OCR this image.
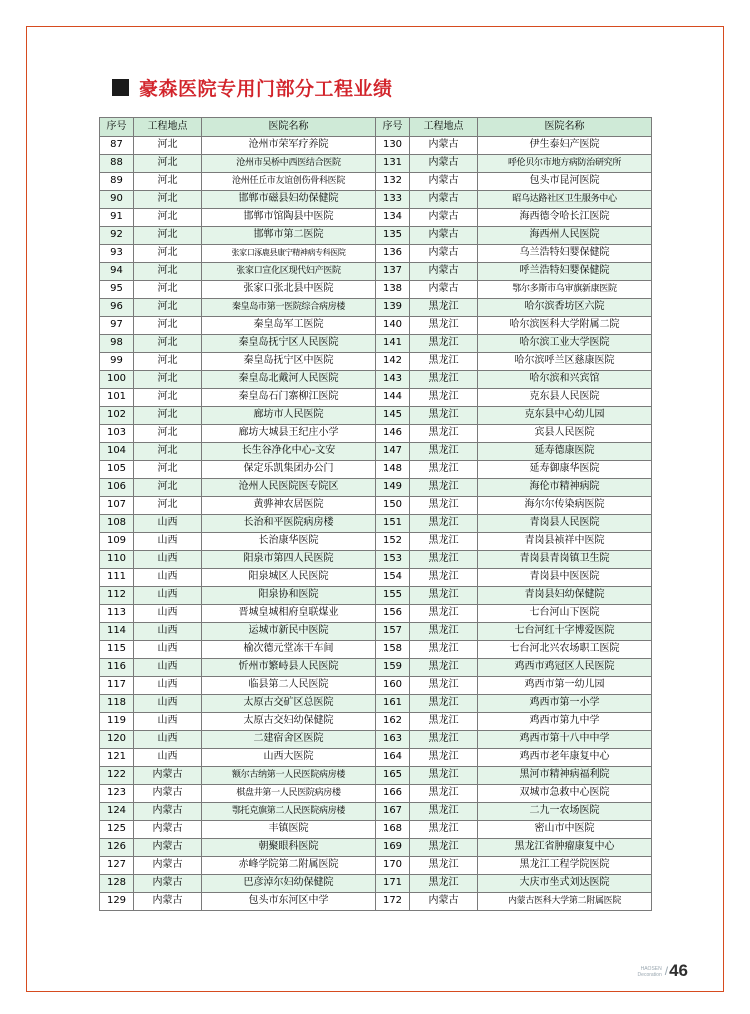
豪森医院专用门部分工程业绩
序号	工程地点	医院名称	序号	工程地点	医院名称
87	河北	沧州市荣军疗养院	130	内蒙古	伊生泰妇产医院
88	河北	沧州市吴桥中西医结合医院	131	内蒙古	呼伦贝尔市地方病防治研究所
89	河北	沧州任丘市友谊创伤骨科医院	132	内蒙古	包头市昆河医院
90	河北	邯郸市磁县妇幼保健院	133	内蒙古	昭乌达路社区卫生服务中心
91	河北	邯郸市馆陶县中医院	134	内蒙古	海西德令哈长江医院
92	河北	邯郸市第二医院	135	内蒙古	海西州人民医院
93	河北	张家口涿鹿县康宁精神病专科医院	136	内蒙古	乌兰浩特妇婴保健院
94	河北	张家口宣化区现代妇产医院	137	内蒙古	呼兰浩特妇婴保健院
95	河北	张家口张北县中医院	138	内蒙古	鄂尔多斯市乌审旗新康医院
96	河北	秦皇岛市第一医院综合病房楼	139	黑龙江	哈尔滨香坊区六院
97	河北	秦皇岛军工医院	140	黑龙江	哈尔滨医科大学附属二院
98	河北	秦皇岛抚宁区人民医院	141	黑龙江	哈尔滨工业大学医院
99	河北	秦皇岛抚宁区中医院	142	黑龙江	哈尔滨呼兰区慈康医院
100	河北	秦皇岛北戴河人民医院	143	黑龙江	哈尔滨和兴宾馆
101	河北	秦皇岛石门寨柳江医院	144	黑龙江	克东县人民医院
102	河北	廊坊市人民医院	145	黑龙江	克东县中心幼儿园
103	河北	廊坊大城县王纪庄小学	146	黑龙江	宾县人民医院
104	河北	长生谷净化中心-文安	147	黑龙江	延寿德康医院
105	河北	保定乐凯集团办公门	148	黑龙江	延寿御康华医院
106	河北	沧州人民医院医专院区	149	黑龙江	海伦市精神病院
107	河北	黄骅神农居医院	150	黑龙江	海尔尔传染病医院
108	山西	长治和平医院病房楼	151	黑龙江	青岗县人民医院
109	山西	长治康华医院	152	黑龙江	青岗县祯祥中医院
110	山西	阳泉市第四人民医院	153	黑龙江	青岗县青岗镇卫生院
111	山西	阳泉城区人民医院	154	黑龙江	青岗县中医医院
112	山西	阳泉协和医院	155	黑龙江	青岗县妇幼保健院
113	山西	晋城皇城相府皇联煤业	156	黑龙江	七台河山下医院
114	山西	运城市新民中医院	157	黑龙江	七台河红十字博爱医院
115	山西	榆次德元堂冻干车间	158	黑龙江	七台河北兴农场职工医院
116	山西	忻州市繁峙县人民医院	159	黑龙江	鸡西市鸡冠区人民医院
117	山西	临县第二人民医院	160	黑龙江	鸡西市第一幼儿园
118	山西	太原古交矿区总医院	161	黑龙江	鸡西市第一小学
119	山西	太原古交妇幼保健院	162	黑龙江	鸡西市第九中学
120	山西	二建宿舍区医院	163	黑龙江	鸡西市第十八中中学
121	山西	山西大医院	164	黑龙江	鸡西市老年康复中心
122	内蒙古	额尔古纳第一人民医院病房楼	165	黑龙江	黑河市精神病福利院
123	内蒙古	棋盘井第一人民医院病房楼	166	黑龙江	双城市急救中心医院
124	内蒙古	鄂托克旗第二人民医院病房楼	167	黑龙江	二九一农场医院
125	内蒙古	丰镇医院	168	黑龙江	密山市中医院
126	内蒙古	朝聚眼科医院	169	黑龙江	黑龙江省肿瘤康复中心
127	内蒙古	赤峰学院第二附属医院	170	黑龙江	黑龙江工程学院医院
128	内蒙古	巴彦淖尔妇幼保健院	171	黑龙江	大庆市坐式刘达医院
129	内蒙古	包头市东河区中学	172	内蒙古	内蒙古医科大学第二附属医院
HAOSEN
Decoration / 46
